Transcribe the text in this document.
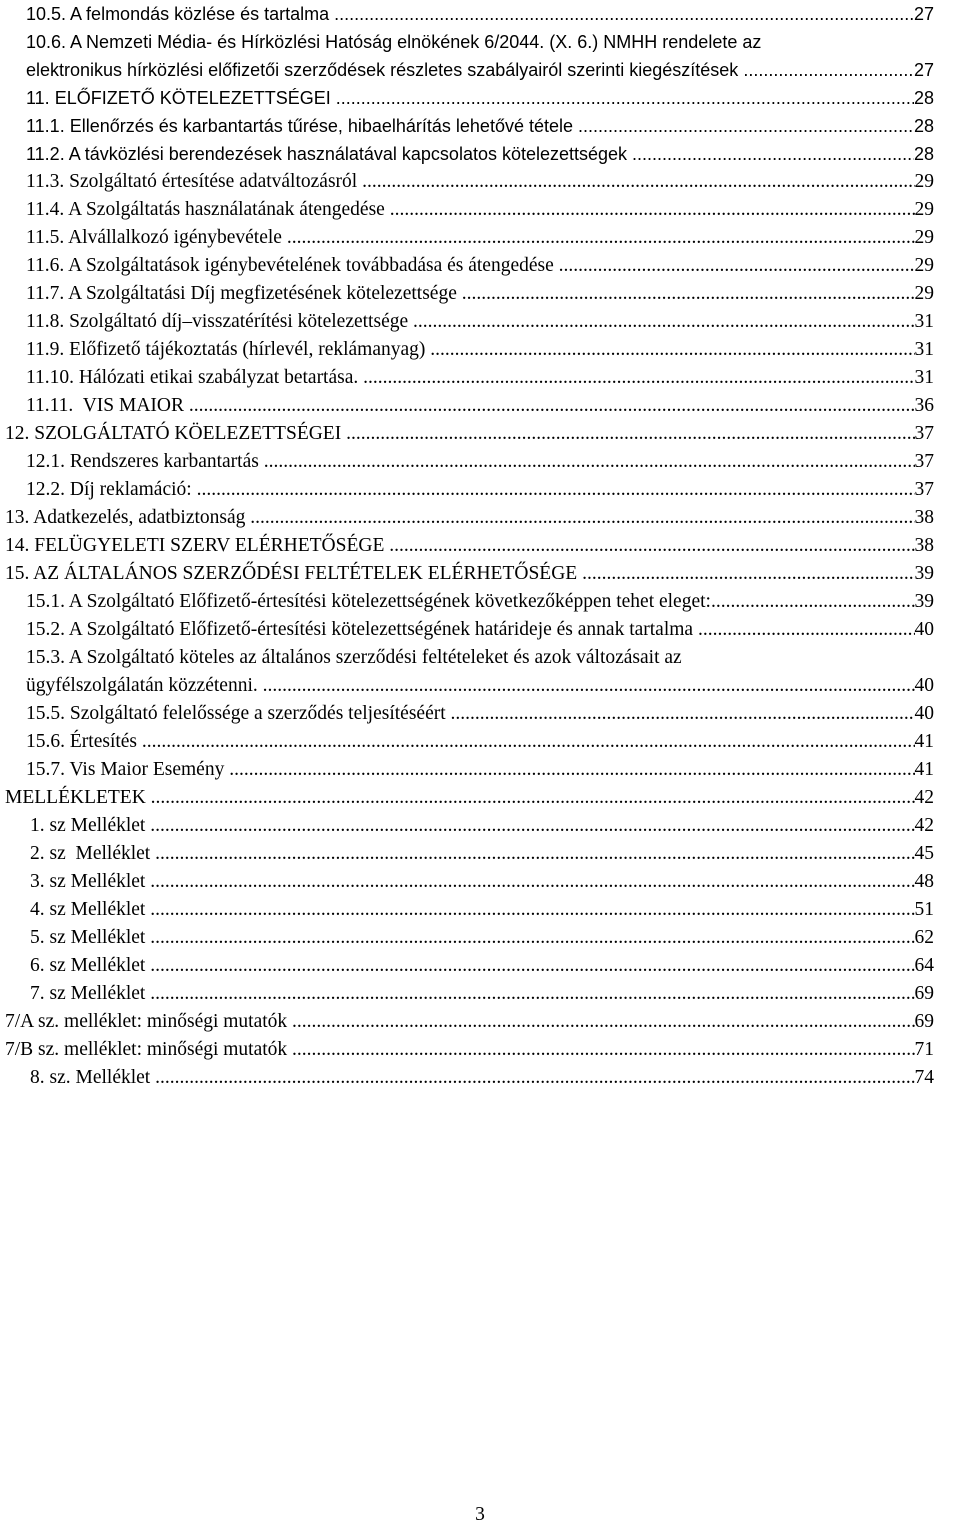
10.5. A felmondás közlése és tartalma .....	27
10.6. A Nemzeti Média- és Hírközlési Hatóság elnökének 6/2044. (X. 6.) NMHH rendelete az
elektronikus hírközlési előfizetői szerződések részletes szabályairól szerinti kiegészítések .....	27
11. ELŐFIZETŐ KÖTELEZETTSÉGEI .....	28
11.1. Ellenőrzés és karbantartás tűrése, hibaelhárítás lehetővé tétele .....	28
11.2. A távközlési berendezések használatával kapcsolatos kötelezettségek .....	28
11.3. Szolgáltató értesítése adatváltozásról .....	29
11.4. A Szolgáltatás használatának átengedése .....	29
11.5. Alvállalkozó igénybevétele .....	29
11.6. A Szolgáltatások igénybevételének továbbadása és átengedése .....	29
11.7. A Szolgáltatási Díj megfizetésének kötelezettsége .....	29
11.8. Szolgáltató díj–visszatérítési kötelezettsége .....	31
11.9. Előfizető tájékoztatás (hírlevél, reklámanyag) .....	31
11.10. Hálózati etikai szabályzat betartása. .....	31
11.11.  VIS MAIOR .....	36
12. SZOLGÁLTATÓ KÖELEZETTSÉGEI .....	37
12.1. Rendszeres karbantartás .....	37
12.2. Díj reklamáció: .....	37
13. Adatkezelés, adatbiztonság .....	38
14. FELÜGYELETI SZERV ELÉRHETŐSÉGE .....	38
15. AZ ÁLTALÁNOS SZERZŐDÉSI FELTÉTELEK ELÉRHETŐSÉGE .....	39
15.1. A Szolgáltató Előfizető-értesítési kötelezettségének következőképpen tehet eleget: .....	39
15.2. A Szolgáltató Előfizető-értesítési kötelezettségének határideje és annak tartalma .....	40
15.3. A Szolgáltató köteles az általános szerződési feltételeket és azok változásait az
ügyfélszolgálatán közzétenni. .....	40
15.5. Szolgáltató felelőssége a szerződés teljesítéséért .....	40
15.6. Értesítés .....	41
15.7. Vis Maior Esemény .....	41
MELLÉKLETEK .....	42
1. sz Melléklet .....	42
2. sz  Melléklet .....	45
3. sz Melléklet .....	48
4. sz Melléklet .....	51
5. sz Melléklet .....	62
6. sz Melléklet .....	64
7. sz Melléklet .....	69
7/A sz. melléklet: minőségi mutatók .....	69
7/B sz. melléklet: minőségi mutatók .....	71
8. sz. Melléklet .....	74
3
